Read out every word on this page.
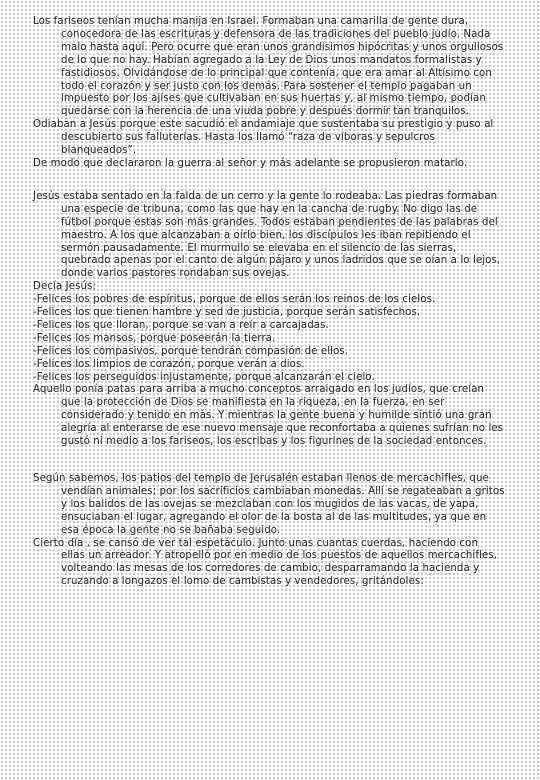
Los fariseos tenían mucha manija en Israel. Formaban una camarilla de gente dura, conocedora de las escrituras y defensora de las tradiciones del pueblo judío. Nada malo hasta aquí. Pero ocurre que eran unos grandísimos hipócritas y unos orgullosos de lo que no hay. Habían agregado a la Ley de Dios unos mandatos formalistas y fastidiosos. Olvidándose de lo principal que contenía, que era amar al Altísimo con todo el corazón y ser justo con los demás. Para sostener el templo pagaban un impuesto por los ajíses que cultivaban en sus huertas y, al mismo tiempo, podían quedarse con la herencia de una viuda pobre y después dormir tan tranquilos.

Odiaban a Jesús porque este sacudió el andamiaje que sustentaba su prestigio y puso al descubierto sus falluterías. Hasta los llamó “raza de víboras y sepulcros blanqueados”.

De modo que declararon la guerra al señor y más adelante se propusieron matarlo.

Jesús estaba sentado en la falda de un cerro y la gente lo rodeaba. Las piedras formaban una especie de tribuna, como las que hay en la cancha de rugby. No digo las de fútbol porque estas son más grandes. Todos estaban pendientes de las palabras del maestro. A los que alcanzaban a oírlo bien, los discípulos les iban repitiendo el sermón pausadamente. El murmullo se elevaba en el silencio de las sierras, quebrado apenas por el canto de algún pájaro y unos ladridos que se oían a lo lejos, donde varios pastores rondaban sus ovejas.

Decía Jesús:

-Felices los pobres de espíritus, porque de ellos serán los reinos de los cielos.

-Felices los que tienen hambre y sed de justicia, porque serán satisfechos.

-Felices los que lloran, porque se van a reír a carcajadas.

-Felices los mansos, porque poseerán la tierra.

-Felices los compasivos, porque tendrán compasión de ellos.

-Felices los limpios de corazón, porque verán a dios.

-Felices los perseguidos injustamente, porque alcanzarán el cielo.

Aquello ponía patas para arriba a mucho conceptos arraigado en los judíos, que creían que la protección de Dios se manifiesta en la riqueza, en la fuerza, en ser considerado y tenido en más. Y mientras la gente buena y humilde sintió una gran alegría al enterarse de ese nuevo mensaje que reconfortaba a quienes sufrían no les gustó ni medio a los fariseos, los escribas y los figurines de la sociedad entonces.

Según sabemos, los patios del templo de Jerusalén estaban llenos de mercachifles, que vendían animales; por los sacrificios cambiaban monedas. Allí se regateaban a gritos y los balidos de las ovejas se mezclaban con los mugidos de las vacas, de yapa, ensuciaban el lugar, agregando el olor de la bosta al de las multitudes, ya que en esa época la gente no se bañaba seguido.

Cierto día , se cansó de ver tal espetáculo. Junto unas cuantas cuerdas, haciendo con ellas un arreador. Y atropelló por en medio de los puestos de aquellos mercachifles, volteando las mesas de los corredores de cambio, desparramando la hacienda y cruzando a longazos el lomo de cambistas y vendedores, gritándoles:
